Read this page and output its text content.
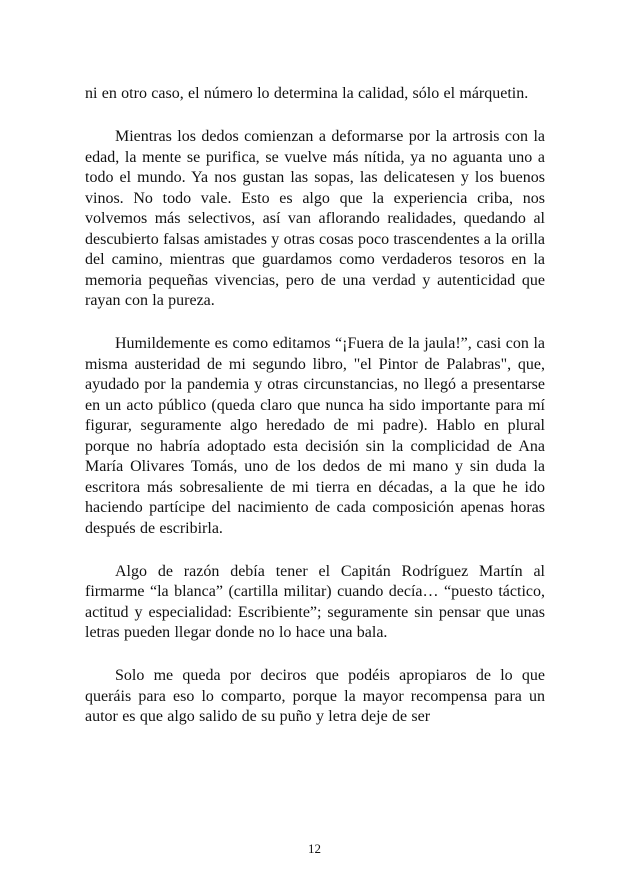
ni en otro caso, el número lo determina la calidad, sólo el márquetin.

Mientras los dedos comienzan a deformarse por la artrosis con la edad, la mente se purifica, se vuelve más nítida, ya no aguanta uno a todo el mundo. Ya nos gustan las sopas, las delicatesen y los buenos vinos. No todo vale. Esto es algo que la experiencia criba, nos volvemos más selectivos, así van aflorando realidades, quedando al descubierto falsas amistades y otras cosas poco trascendentes a la orilla del camino, mientras que guardamos como verdaderos tesoros en la memoria pequeñas vivencias, pero de una verdad y autenticidad que rayan con la pureza.

Humildemente es como editamos “¡Fuera de la jaula!”, casi con la misma austeridad de mi segundo libro, "el Pintor de Palabras", que, ayudado por la pandemia y otras circunstancias, no llegó a presentarse en un acto público (queda claro que nunca ha sido importante para mí figurar, seguramente algo heredado de mi padre). Hablo en plural porque no habría adoptado esta decisión sin la complicidad de Ana María Olivares Tomás, uno de los dedos de mi mano y sin duda la escritora más sobresaliente de mi tierra en décadas, a la que he ido haciendo partícipe del nacimiento de cada composición apenas horas después de escribirla.

Algo de razón debía tener el Capitán Rodríguez Martín al firmarme “la blanca” (cartilla militar) cuando decía… “puesto táctico, actitud y especialidad: Escribiente”; seguramente sin pensar que unas letras pueden llegar donde no lo hace una bala.

Solo me queda por deciros que podéis apropiaros de lo que queráis para eso lo comparto, porque la mayor recompensa para un autor es que algo salido de su puño y letra deje de ser

12
